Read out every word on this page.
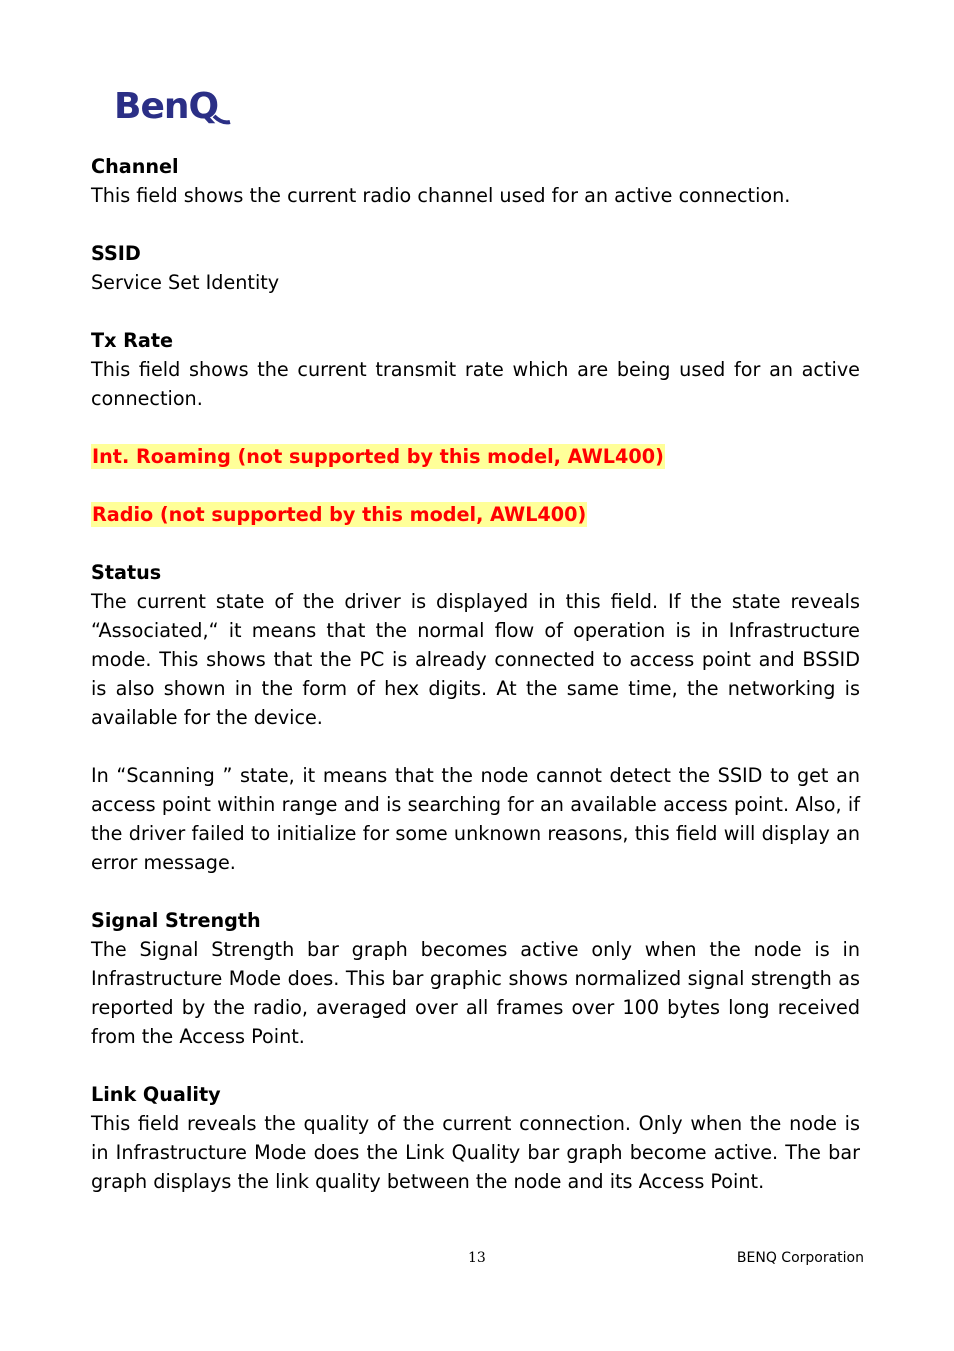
BenQ

Channel

This field shows the current radio channel used for an active connection.

SSID

Service Set Identity

Tx Rate

This field shows the current transmit rate which are being used for an active connection.

Int. Roaming (not supported by this model, AWL400)

Radio (not supported by this model, AWL400)

Status

The current state of the driver is displayed in this field. If the state reveals “Associated,“ it means that the normal flow of operation is in Infrastructure mode. This shows that the PC is already connected to access point and BSSID is also shown in the form of hex digits. At the same time, the networking is available for the device.

In “Scanning ” state, it means that the node cannot detect the SSID to get an access point within range and is searching for an available access point. Also, if the driver failed to initialize for some unknown reasons, this field will display an error message.

Signal Strength

The Signal Strength bar graph becomes active only when the node is in Infrastructure Mode does. This bar graphic shows normalized signal strength as reported by the radio, averaged over all frames over 100 bytes long received from the Access Point.

Link Quality

This field reveals the quality of the current connection. Only when the node is in Infrastructure Mode does the Link Quality bar graph become active. The bar graph displays the link quality between the node and its Access Point.

13	BENQ Corporation
